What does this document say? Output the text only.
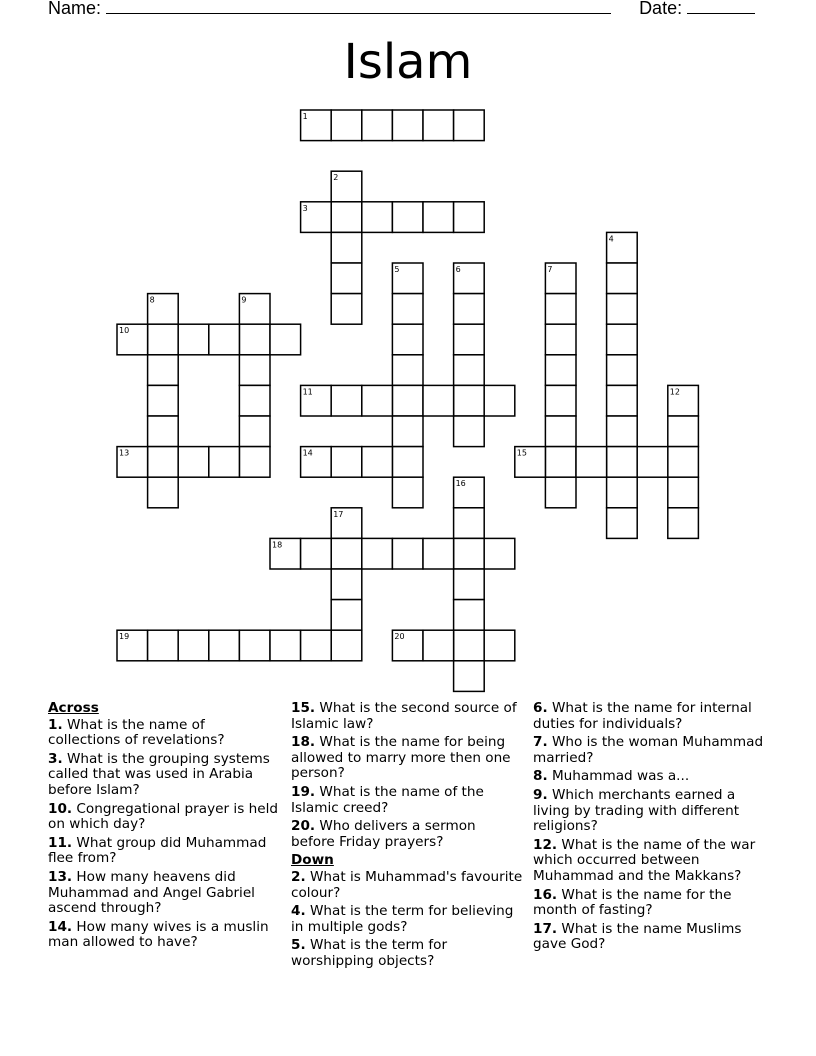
Name:	Date:
Islam
1
2
3
4
5	6	7
8	9
10
11	12
13	14	15
16
17
18
19	20
Across
1. What is the name of collections of revelations?
3. What is the grouping systems called that was used in Arabia before Islam?
10. Congregational prayer is held on which day?
11. What group did Muhammad flee from?
13. How many heavens did Muhammad and Angel Gabriel ascend through?
14. How many wives is a muslin man allowed to have?
15. What is the second source of Islamic law?
18. What is the name for being allowed to marry more then one person?
19. What is the name of the Islamic creed?
20. Who delivers a sermon before Friday prayers?
Down
2. What is Muhammad's favourite colour?
4. What is the term for believing in multiple gods?
5. What is the term for worshipping objects?
6. What is the name for internal duties for individuals?
7. Who is the woman Muhammad married?
8. Muhammad was a...
9. Which merchants earned a living by trading with different religions?
12. What is the name of the war which occurred between Muhammad and the Makkans?
16. What is the name for the month of fasting?
17. What is the name Muslims gave God?
